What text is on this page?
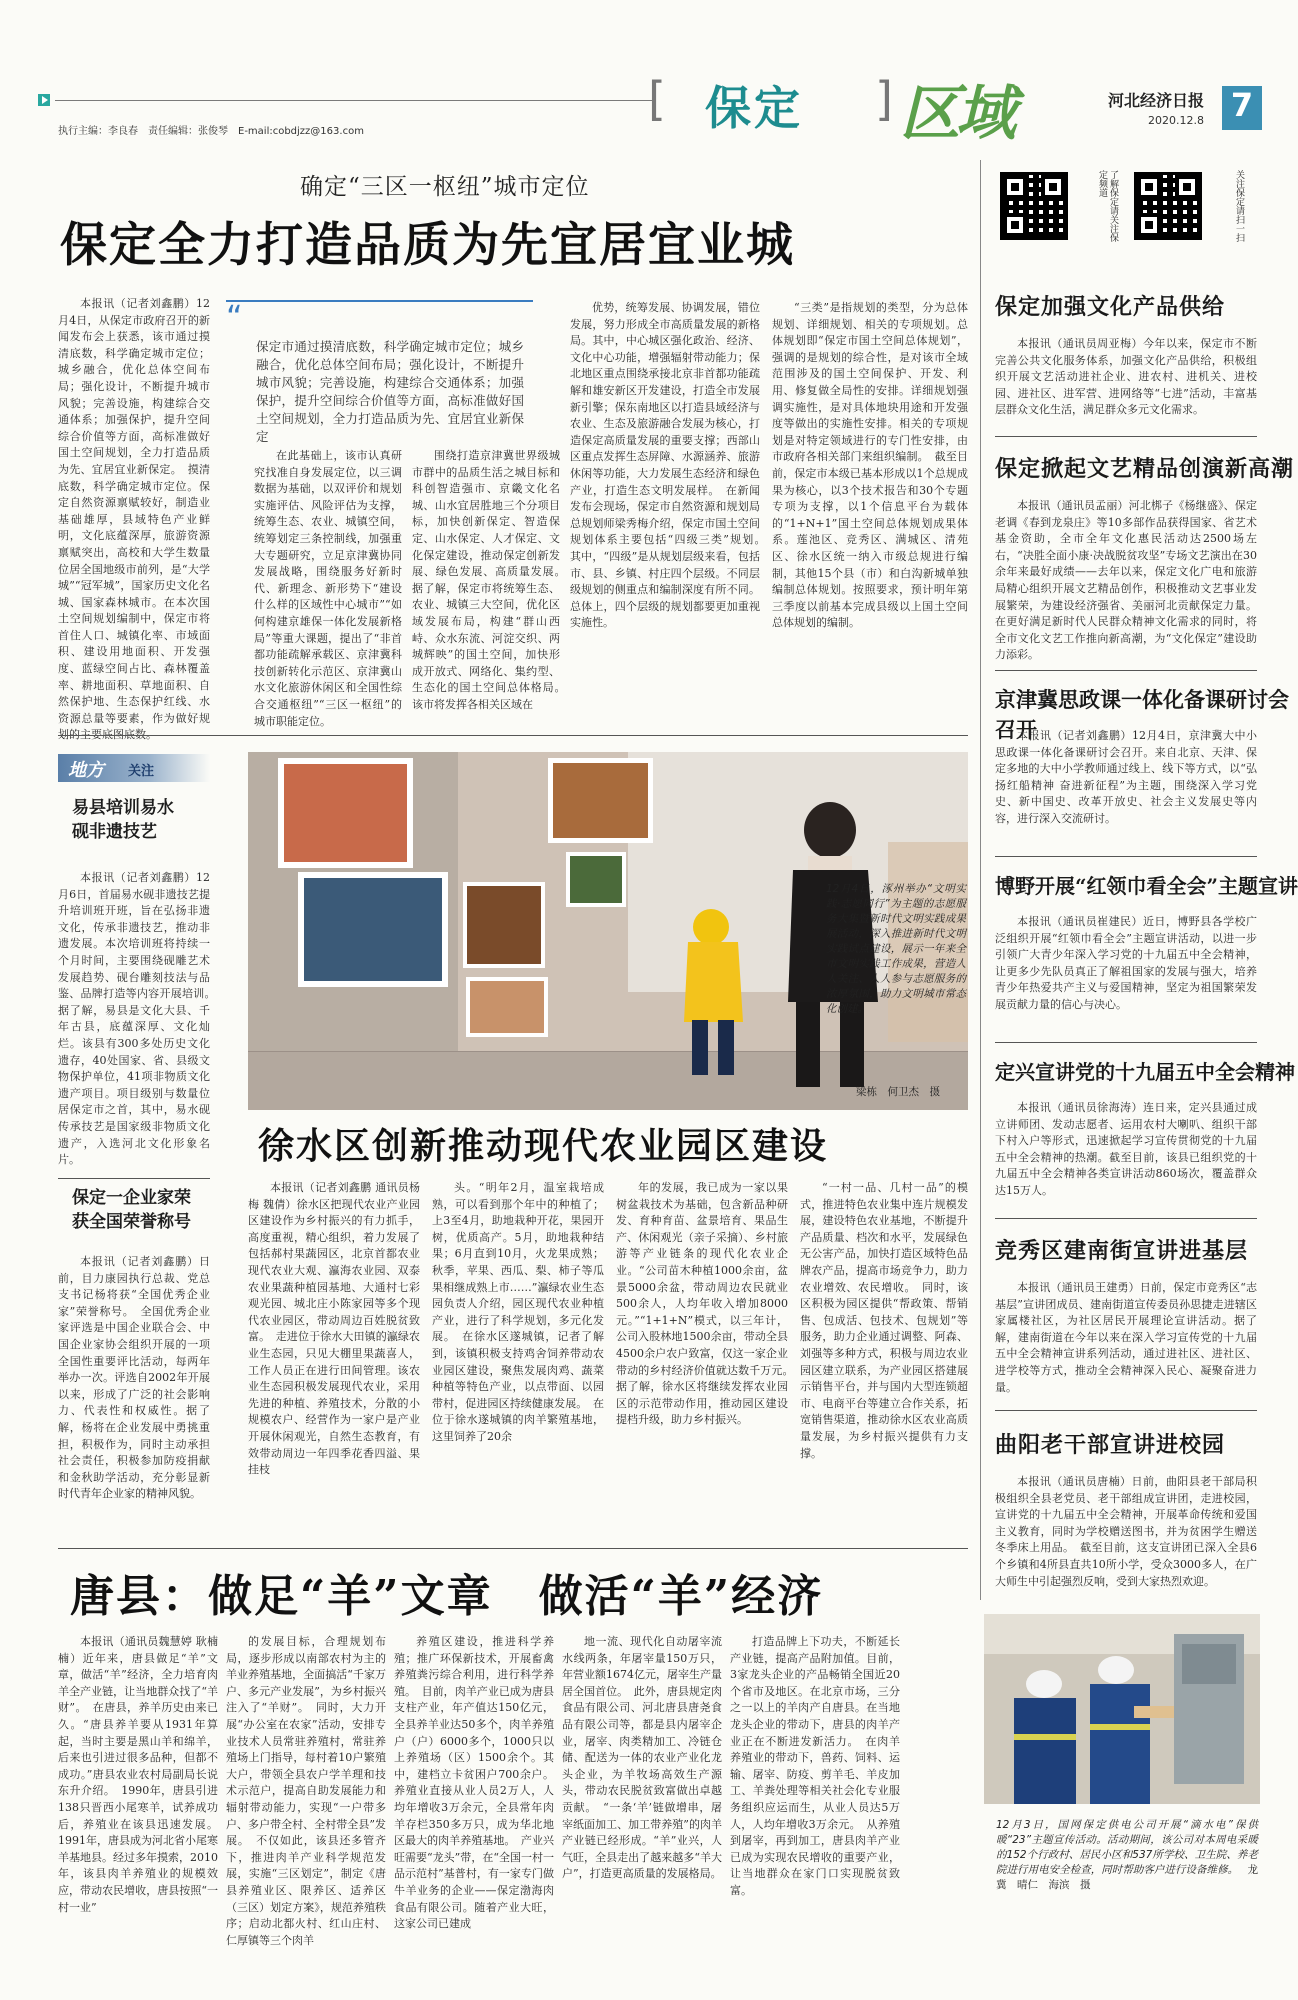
[ 保定 ] 区域	河北经济日报
2020.12.8 7
执行主编：李良春　责任编辑：张俊琴　E-mail:cobdjzz@163.com
了解保定请关注保定频道	关注保定请扫一扫
确定“三区一枢纽”城市定位
保定全力打造品质为先宜居宜业城

本报讯（记者刘鑫鹏）12月4日，从保定市政府召开的新闻发布会上获悉，该市通过摸清底数，科学确定城市定位；城乡融合，优化总体空间布局；强化设计，不断提升城市风貌；完善设施，构建综合交通体系；加强保护，提升空间综合价值等方面，高标准做好国土空间规划，全力打造品质为先、宜居宜业新保定。　摸清底数，科学确定城市定位。保定自然资源禀赋较好，制造业基础雄厚，县域特色产业鲜明，文化底蕴深厚，旅游资源禀赋突出，高校和大学生数量位居全国地级市前列，是“大学城”“冠军城”，国家历史文化名城、国家森林城市。在本次国土空间规划编制中，保定市将首住人口、城镇化率、市域面积、建设用地面积、开发强度、蓝绿空间占比、森林覆盖率、耕地面积、草地面积、自然保护地、生态保护红线、水资源总量等要素，作为做好规划的主要底图底数。

“
保定市通过摸清底数，科学确定城市定位；城乡融合，优化总体空间布局；强化设计，不断提升城市风貌；完善设施，构建综合交通体系；加强保护，提升空间综合价值等方面，高标准做好国土空间规划，全力打造品质为先、宜居宜业新保定

在此基础上，该市认真研究找准自身发展定位，以三调数据为基础，以双评价和规划实施评估、风险评估为支撑，统筹生态、农业、城镇空间，统筹划定三条控制线，加强重大专题研究，立足京津冀协同发展战略，围绕服务好新时代、新理念、新形势下“建设什么样的区域性中心城市”“如何构建京雄保一体化发展新格局”等重大课题，提出了“非首都功能疏解承载区、京津冀科技创新转化示范区、京津冀山水文化旅游休闲区和全国性综合交通枢纽”“三区一枢纽”的城市职能定位。

围绕打造京津冀世界级城市群中的品质生活之城目标和科创智造强市、京畿文化名城、山水宜居胜地三个分项目标，加快创新保定、智造保定、山水保定、人才保定、文化保定建设，推动保定创新发展、绿色发展、高质量发展。　据了解，保定市将统筹生态、农业、城镇三大空间，优化区域发展布局，构建“群山西峙、众水东流、河淀交织、两城辉映”的国土空间，加快形成开放式、网络化、集约型、生态化的国土空间总体格局。　该市将发挥各相关区域在

优势，统筹发展、协调发展，错位发展，努力形成全市高质量发展的新格局。其中，中心城区强化政治、经济、文化中心功能，增强辐射带动能力；保北地区重点围绕承接北京非首都功能疏解和雄安新区开发建设，打造全市发展新引擎；保东南地区以打造县域经济与农业、生态及旅游融合发展为核心，打造保定高质量发展的重要支撑；西部山区重点发挥生态屏障、水源涵养、旅游休闲等功能，大力发展生态经济和绿色产业，打造生态文明发展样。　在新闻发布会现场，保定市自然资源和规划局总规划师梁秀梅介绍，保定市国土空间规划体系主要包括“四级三类”规划。　其中，“四级”是从规划层级来看，包括市、县、乡镇、村庄四个层级。不同层级规划的侧重点和编制深度有所不同。总体上，四个层级的规划都要更加重视实施性。

“三类”是指规划的类型，分为总体规划、详细规划、相关的专项规划。总体规划即“保定市国土空间总体规划”，强调的是规划的综合性，是对该市全域范围涉及的国土空间保护、开发、利用、修复做全局性的安排。详细规划强调实施性，是对具体地块用途和开发强度等做出的实施性安排。相关的专项规划是对特定领域进行的专门性安排，由市政府各相关部门来组织编制。　截至目前，保定市本级已基本形成以1个总规成果为核心，以3个技术报告和30个专题专项为支撑，以1个信息平台为载体的“1+N+1”国土空间总体规划成果体系。莲池区、竞秀区、满城区、清苑区、徐水区统一纳入市级总规进行编制，其他15个县（市）和白沟新城单独编制总体规划。按照要求，预计明年第三季度以前基本完成县级以上国土空间总体规划的编制。

保定加强文化产品供给

本报讯（通讯员周亚梅）今年以来，保定市不断完善公共文化服务体系，加强文化产品供给，积极组织开展文艺活动进社企业、进农村、进机关、进校园、进社区、进军营、进网络等“七进”活动，丰富基层群众文化生活，满足群众多元文化需求。

保定掀起文艺精品创演新高潮

本报讯（通讯员孟丽）河北梆子《杨继盛》、保定老调《春到龙泉庄》等10多部作品获得国家、省艺术基金资助，全市全年文化惠民活动达2500场左右，“决胜全面小康·决战脱贫攻坚”专场文艺演出在30余年来最好成绩——去年以来，保定文化广电和旅游局精心组织开展文艺精品创作，积极推动文艺事业发展繁荣，为建设经济强省、美丽河北贡献保定力量。在更好满足新时代人民群众精神文化需求的同时，将全市文化文艺工作推向新高潮，为“文化保定”建设助力添彩。

京津冀思政课一体化备课研讨会召开

本报讯（记者刘鑫鹏）12月4日，京津冀大中小思政课一体化备课研讨会召开。来自北京、天津、保定多地的大中小学教师通过线上、线下等方式，以“弘扬红船精神 奋进新征程”为主题，围绕深入学习党史、新中国史、改革开放史、社会主义发展史等内容，进行深入交流研讨。

博野开展“红领巾看全会”主题宣讲

本报讯（通讯员崔建民）近日，博野县各学校广泛组织开展“红领巾看全会”主题宣讲活动，以进一步引领广大青少年深入学习党的十九届五中全会精神，让更多少先队员真正了解祖国家的发展与强大，培养青少年热爱共产主义与爱国精神，坚定为祖国繁荣发展贡献力量的信心与决心。

定兴宣讲党的十九届五中全会精神

本报讯（通讯员徐海涛）连日来，定兴县通过成立讲师团、发动志愿者、运用农村大喇叭、组织干部下村入户等形式，迅速掀起学习宣传贯彻党的十九届五中全会精神的热潮。截至目前，该县已组织党的十九届五中全会精神各类宣讲活动860场次，覆盖群众达15万人。

竞秀区建南街宣讲进基层

本报讯（通讯员王建勇）日前，保定市竞秀区“志基层”宣讲团成员、建南街道宣传委员孙思捷走进辖区家属楼社区，为社区居民开展理论宣讲活动。据了解，建南街道在今年以来在深入学习宣传党的十九届五中全会精神宣讲系列活动，通过进社区、进社区、进学校等方式，推动全会精神深入民心、凝聚奋进力量。

曲阳老干部宣讲进校园

本报讯（通讯员唐楠）日前，曲阳县老干部局积极组织全县老党员、老干部组成宣讲团，走进校园，宣讲党的十九届五中全会精神，开展革命传统和爱国主义教育，同时为学校赠送图书，并为贫困学生赠送冬季床上用品。　截至目前，这支宣讲团已深入全县6个乡镇和4所县直共10所小学，受众3000多人，在广大师生中引起强烈反响，受到大家热烈欢迎。

地方 关注
易县培训易水砚非遗技艺

本报讯（记者刘鑫鹏）12月6日，首届易水砚非遗技艺提升培训班开班，旨在弘扬非遗文化，传承非遗技艺，推动非遗发展。本次培训班将持续一个月时间，主要围绕砚雕艺术发展趋势、砚台雕刻技法与品鉴、品牌打造等内容开展培训。　据了解，易县是文化大县、千年古县，底蕴深厚、文化灿烂。该县有300多处历史文化遗存，40处国家、省、县级文物保护单位，41项非物质文化遗产项目。项目级别与数量位居保定市之首，其中，易水砚传承技艺是国家级非物质文化遗产，入选河北文化形象名片。

保定一企业家荣获全国荣誉称号

本报讯（记者刘鑫鹏）日前，目力康园执行总裁、党总支书记杨将获“全国优秀企业家”荣誉称号。　全国优秀企业家评选是中国企业联合会、中国企业家协会组织开展的一项全国性重要评比活动，每两年举办一次。评选自2002年开展以来，形成了广泛的社会影响力、代表性和权威性。据了解，杨将在企业发展中勇挑重担，积极作为，同时主动承担社会责任，积极参加防疫捐献和金秋助学活动，充分彰显新时代青年企业家的精神风貌。

12月4日，涿州举办“文明实践·志愿同行”为主题的志愿服务大集暨新时代文明实践成果展活动，深入推进新时代文明实践试点建设，展示一年来全市文明实践工作成果，营造人人关注、人人参与志愿服务的浓厚氛围，助力文明城市常态化创建。
梁栋　何卫杰　摄
徐水区创新推动现代农业园区建设

本报讯（记者刘鑫鹏 通讯员杨梅 魏倩）徐水区把现代农业产业园区建设作为乡村振兴的有力抓手，高度重视，精心组织，着力发展了包括郝村果蔬园区，北京首都农业现代农业大观、瀛海农业园、双泰农业果蔬种植园基地、大通村七彩观光园、城北庄小陈家园等多个现代农业园区，带动周边百姓脱贫致富。　走进位于徐水大田镇的瀛绿农业生态园，只见大棚里果蔬喜人，工作人员正在进行田间管理。该农业生态园积极发展现代农业，采用先进的种植、养殖技术，分散的小规模农户、经营作为一家户是产业开展休闲观光，自然生态教育，有效带动周边一年四季花香四溢、果挂枝

头。“明年2月，温室栽培成熟，可以看到那个年中的种植了；上3至4月，助地栽种开花，果园开树，优质高产。5月，助地栽种结果；6月直到10月，火龙果成熟；秋季，苹果、西瓜、梨、柿子等瓜果相继成熟上市……”瀛绿农业生态园负责人介绍，园区现代农业种植产业，进行了科学规划，多元化发展。　在徐水区遂城镇，记者了解到，该镇积极支持鸡舍饲养带动农业园区建设，聚焦发展肉鸡、蔬菜种植等特色产业，以点带面、以园带村，促进园区持续健康发展。　在位于徐水遂城镇的肉羊繁殖基地，这里饲养了20余

年的发展，我已成为一家以果树盆栽技术为基础，包含新品种研发、育种育苗、盆景培育、果品生产、休闲观光（亲子采摘）、乡村旅游等产业链条的现代化农业企业。“公司苗木种植1000余亩，盆景5000余盆，带动周边农民就业500余人，人均年收入增加8000元。”“1+1+N”模式，以三年计，公司入股林地1500余亩，带动全县4500余户农户致富，仅这一家企业带动的乡村经济价值就达数千万元。　据了解，徐水区将继续发挥农业园区的示范带动作用，推动园区建设提档升级，助力乡村振兴。

“一村一品、几村一品”的模式，推进特色农业集中连片规模发展，建设特色农业基地，不断提升产品质量、档次和水平，发展绿色无公害产品，加快打造区域特色品牌农产品，提高市场竞争力，助力农业增效、农民增收。　同时，该区积极为园区提供“帮政策、帮销售、包成活、包技术、包规划”等服务，助力企业通过调整、阿森、刘强等多种方式，积极与周边农业园区建立联系，为产业园区搭建展示销售平台，并与国内大型连锁超市、电商平台等建立合作关系，拓宽销售渠道，推动徐水区农业高质量发展，为乡村振兴提供有力支撑。

唐县：做足“羊”文章　做活“羊”经济

本报讯（通讯员魏慧婷 耿楠楠）近年来，唐县做足“羊”文章，做活“羊”经济，全力培育肉羊全产业链，让当地群众找了“羊财”。　在唐县，养羊历史由来已久。“唐县养羊要从1931年算起，当时主要是黑山羊和绵羊，后来也引进过很多品种，但都不成功。”唐县农业农村局副局长说东升介绍。　1990年，唐县引进138只晋西小尾寒羊，试养成功后，养殖业在该县迅速发展。1991年，唐县成为河北省小尾寒羊基地县。经过多年摸索，2010年，该县肉羊养殖业的规模效应，带动农民增收，唐县按照“一村一业”

的发展目标，合理规划布局，逐步形成以南部农村为主的羊业养殖基地，全面搞活“千家万户、多元产业发展”，为乡村振兴注入了“羊财”。　同时，大力开展“办公室在农家”活动，安排专业技术人员常驻养殖村，常驻养殖场上门指导，每村着10户繁殖大户，带领全县农户学羊理和技术示范户，提高自助发展能力和辐射带动能力，实现“一户带多户、多户带全村、全村带全县”发展。　不仅如此，该县还多管齐下，推进肉羊产业科学规范发展，实施“三区划定”，制定《唐县养殖业区、限养区、适养区（三区）划定方案》，规范养殖秩序；启动北都火村、红山庄村、仁厚镇等三个肉羊

养殖区建设，推进科学养殖；推广环保新技术，开展畜禽养殖粪污综合利用，进行科学养殖。　目前，肉羊产业已成为唐县支柱产业，年产值达150亿元，全县养羊业达50多个，肉羊养殖户（户）6000多个，1000只以上养殖场（区）1500余个。其中，建档立卡贫困户700余户。养殖业直接从业人员2万人，人均年增收3万余元，全县常年肉羊存栏350多万只，成为华北地区最大的肉羊养殖基地。　产业兴旺需要“龙头”带，在“全国一村一品示范村”基普村，有一家专门做牛羊业务的企业——保定渤海肉食品有限公司。随着产业大旺，这家公司已建成

地一流、现代化自动屠宰流水线两条，年屠宰量150万只，年营业额1674亿元，屠宰生产量居全国首位。　此外，唐县规定肉食品有限公司、河北唐县唐尧食品有限公司等，都是县内屠宰企业，屠宰、肉类精加工、冷链仓储、配送为一体的农业产业化龙头企业，为羊牧场高效生产源头，带动农民脱贫致富做出卓越贡献。　“一条‘羊’链做增串，屠宰纸面加工、加工带养殖”的肉羊产业链已经形成。“羊”业兴，人气旺，全县走出了越来越多“羊大户”，打造更高质量的发展格局。

打造品牌上下功夫，不断延长产业链，提高产品附加值。目前，3家龙头企业的产品畅销全国近20个省市及地区。在北京市场，三分之一以上的羊肉产自唐县。在当地龙头企业的带动下，唐县的肉羊产业正在不断进发新活力。　在肉羊养殖业的带动下，兽药、饲料、运输、屠宰、防疫、剪羊毛、羊皮加工、羊粪处理等相关社会化专业服务组织应运而生，从业人员达5万人，人均年增收3万余元。　从养殖到屠宰，再到加工，唐县肉羊产业已成为实现农民增收的重要产业，让当地群众在家门口实现脱贫致富。

12月3日，国网保定供电公司开展“滴水电”保供暖“23”主题宣传活动。活动期间，该公司对本周电采暖的152个行政村、居民小区和537所学校、卫生院、养老院进行用电安全检查，同时帮助客户进行设备维修。 龙冀　晴仁　海滨　摄
